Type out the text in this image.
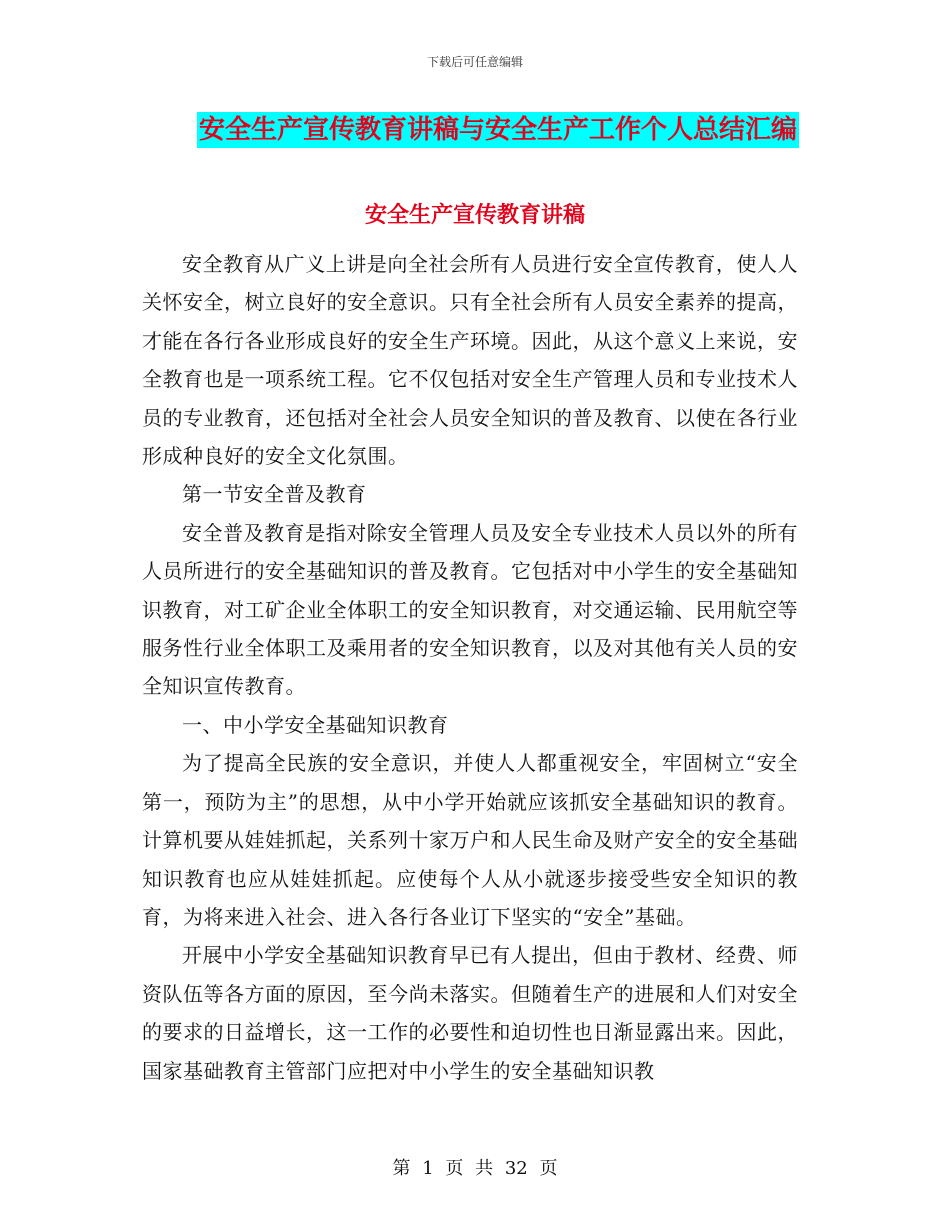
下载后可任意编辑
安全生产宣传教育讲稿与安全生产工作个人总结汇编
安全生产宣传教育讲稿

安全教育从广义上讲是向全社会所有人员进行安全宣传教育，使人人关怀安全，树立良好的安全意识。只有全社会所有人员安全素养的提高，才能在各行各业形成良好的安全生产环境。因此，从这个意义上来说，安全教育也是一项系统工程。它不仅包括对安全生产管理人员和专业技术人员的专业教育，还包括对全社会人员安全知识的普及教育、以使在各行业形成种良好的安全文化氛围。

第一节安全普及教育

安全普及教育是指对除安全管理人员及安全专业技术人员以外的所有人员所进行的安全基础知识的普及教育。它包括对中小学生的安全基础知识教育，对工矿企业全体职工的安全知识教育，对交通运输、民用航空等服务性行业全体职工及乘用者的安全知识教育，以及对其他有关人员的安全知识宣传教育。

一、中小学安全基础知识教育

为了提高全民族的安全意识，并使人人都重视安全，牢固树立“安全第一，预防为主”的思想，从中小学开始就应该抓安全基础知识的教育。计算机要从娃娃抓起，关系列十家万户和人民生命及财产安全的安全基础知识教育也应从娃娃抓起。应使每个人从小就逐步接受些安全知识的教育，为将来进入社会、进入各行各业订下坚实的“安全”基础。

开展中小学安全基础知识教育早已有人提出，但由于教材、经费、师资队伍等各方面的原因，至今尚未落实。但随着生产的进展和人们对安全的要求的日益增长，这一工作的必要性和迫切性也日渐显露出来。因此，国家基础教育主管部门应把对中小学生的安全基础知识教

第 1 页 共 32 页
